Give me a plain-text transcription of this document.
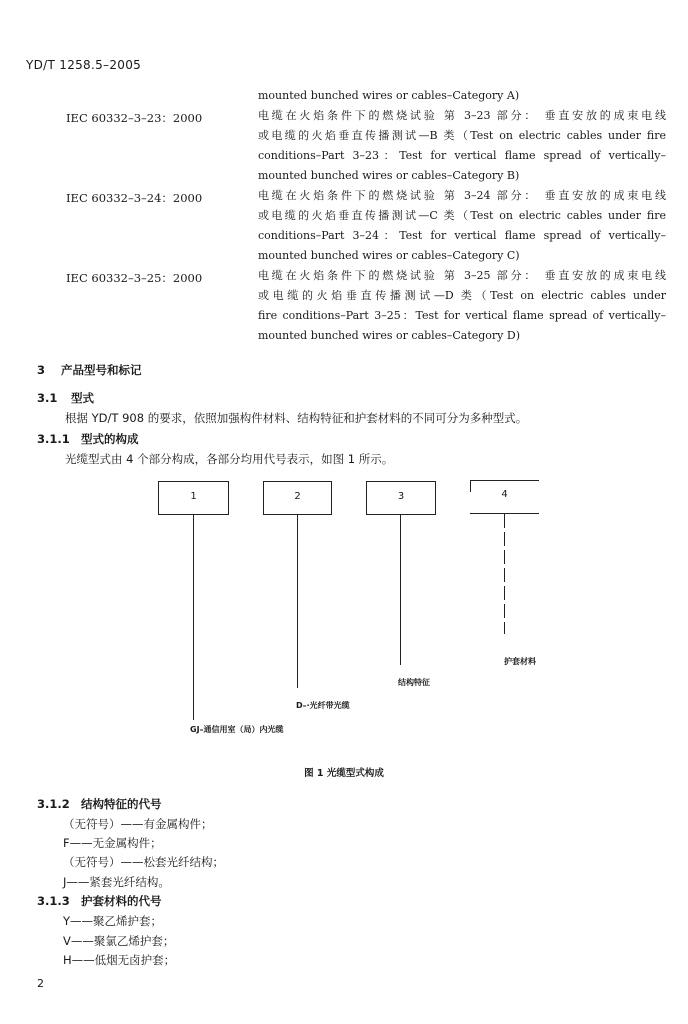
YD/T 1258.5–2005
mounted bunched wires or cables–Category A)
IEC 60332–3–23：2000	电缆在火焰条件下的燃烧试验 第 3–23 部分： 垂直安放的成束电线
或电缆的火焰垂直传播测试—B 类（Test on electric cables under fire
conditions–Part 3–23：Test for vertical flame spread of vertically–
mounted bunched wires or cables–Category B)
IEC 60332–3–24：2000	电缆在火焰条件下的燃烧试验 第 3–24 部分： 垂直安放的成束电线
或电缆的火焰垂直传播测试—C 类（Test on electric cables under fire
conditions–Part 3–24：Test for vertical flame spread of vertically–
mounted bunched wires or cables–Category C)
IEC 60332–3–25：2000	电缆在火焰条件下的燃烧试验 第 3–25 部分： 垂直安放的成束电线
或电缆的火焰垂直传播测试—D 类（Test on electric cables under
fire conditions–Part 3–25：Test for vertical flame spread of vertically–
mounted bunched wires or cables–Category D)
3 产品型号和标记
3.1 型式
根据 YD/T 908 的要求，依照加强构件材料、结构特征和护套材料的不同可分为多种型式。
3.1.1 型式的构成
光缆型式由 4 个部分构成，各部分均用代号表示，如图 1 所示。
1	2	3	4
护套材料
结构特征
D–·光纤带光缆
GJ–通信用室（局）内光缆
图 1 光缆型式构成
3.1.2 结构特征的代号
（无符号）——有金属构件；
F——无金属构件；
（无符号）——松套光纤结构；
J——紧套光纤结构。
3.1.3 护套材料的代号
Y——聚乙烯护套；
V——聚氯乙烯护套；
H——低烟无卤护套；
2
